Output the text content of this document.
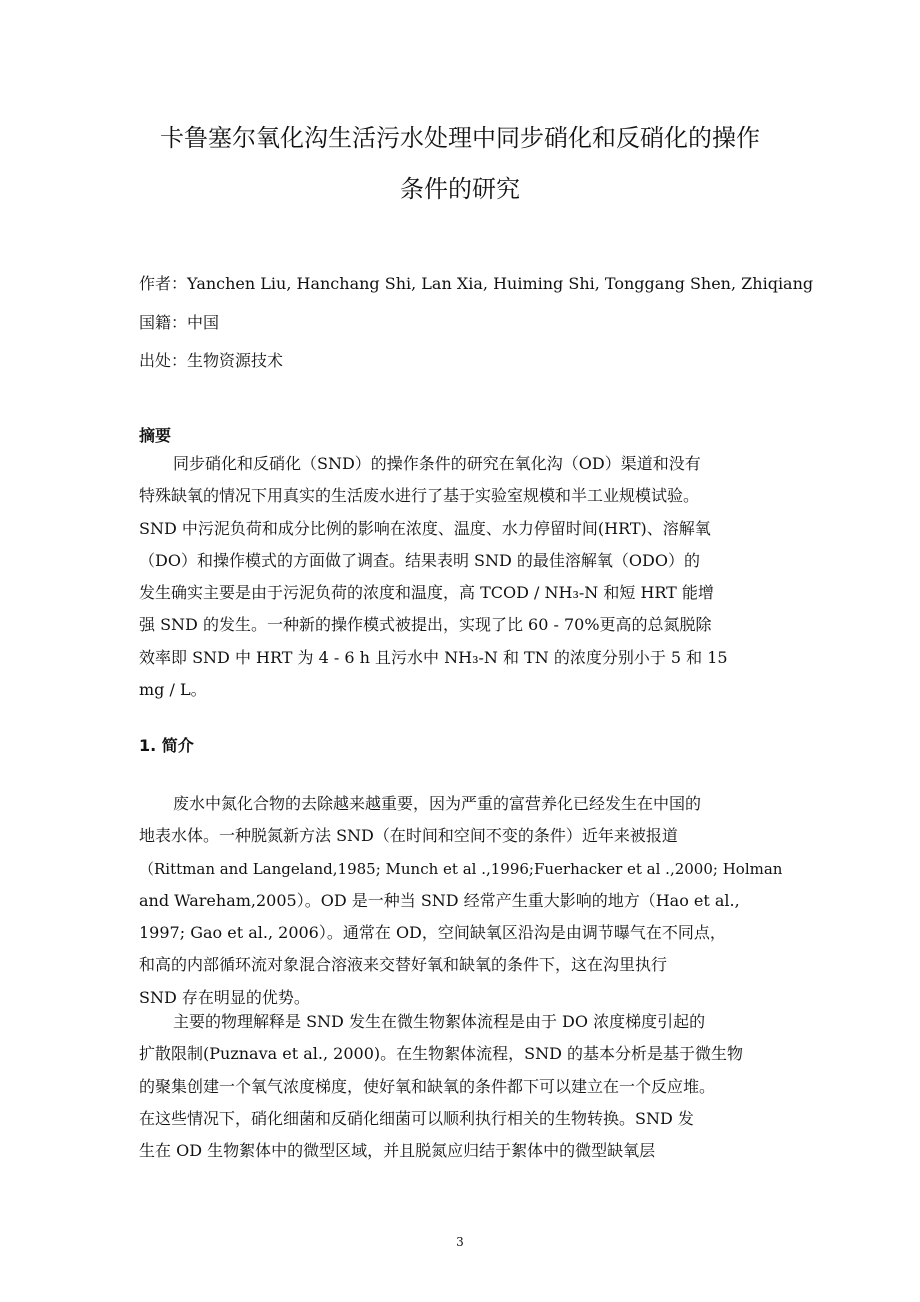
卡鲁塞尔氧化沟生活污水处理中同步硝化和反硝化的操作
条件的研究
作者：Yanchen Liu, Hanchang Shi, Lan Xia, Huiming Shi, Tonggang Shen, Zhiqiang
国籍：中国
出处：生物资源技术
摘要
同步硝化和反硝化（SND）的操作条件的研究在氧化沟（OD）渠道和没有
特殊缺氧的情况下用真实的生活废水进行了基于实验室规模和半工业规模试验。
SND 中污泥负荷和成分比例的影响在浓度、温度、水力停留时间(HRT)、溶解氧
（DO）和操作模式的方面做了调查。结果表明 SND 的最佳溶解氧（ODO）的
发生确实主要是由于污泥负荷的浓度和温度，高 TCOD / NH₃-N 和短 HRT 能增
强 SND 的发生。一种新的操作模式被提出，实现了比 60 - 70%更高的总氮脱除
效率即 SND 中 HRT 为 4 - 6 h 且污水中 NH₃-N 和 TN 的浓度分别小于 5 和 15
mg / L。
1. 简介
废水中氮化合物的去除越来越重要，因为严重的富营养化已经发生在中国的
地表水体。一种脱氮新方法 SND（在时间和空间不变的条件）近年来被报道
（Rittman and Langeland,1985; Munch et al .,1996;Fuerhacker et al .,2000; Holman
and Wareham,2005）。OD 是一种当 SND 经常产生重大影响的地方（Hao et al.,
1997; Gao et al., 2006）。通常在 OD，空间缺氧区沿沟是由调节曝气在不同点，
和高的内部循环流对象混合溶液来交替好氧和缺氧的条件下，这在沟里执行
SND 存在明显的优势。
主要的物理解释是 SND 发生在微生物絮体流程是由于 DO 浓度梯度引起的
扩散限制(Puznava et al., 2000)。在生物絮体流程，SND 的基本分析是基于微生物
的聚集创建一个氧气浓度梯度，使好氧和缺氧的条件都下可以建立在一个反应堆。
在这些情况下，硝化细菌和反硝化细菌可以顺利执行相关的生物转换。SND 发
生在 OD 生物絮体中的微型区域，并且脱氮应归结于絮体中的微型缺氧层
3
